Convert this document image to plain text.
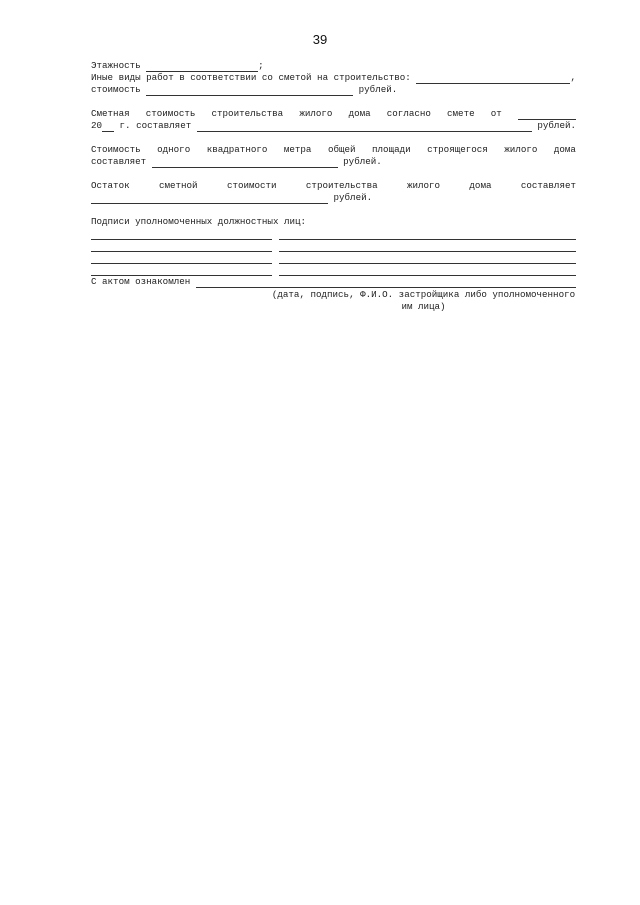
39
Этажность
	;
Иные виды работ в соответствии со сметой на строительство:
	,
стоимость

	рублей.
Сметная стоимость строительства жилого дома согласно смете от
20
г. составляет

	рублей.
Стоимость одного квадратного метра общей площади строящегося жилого дома
составляет

	рублей.
Остаток	сметной	стоимости	строительства	жилого	дома	составляет

рублей.
Подписи уполномоченных должностных лиц:
С актом ознакомлен

(дата, подпись, Ф.И.О. застройщика либо уполномоченного им лица)
